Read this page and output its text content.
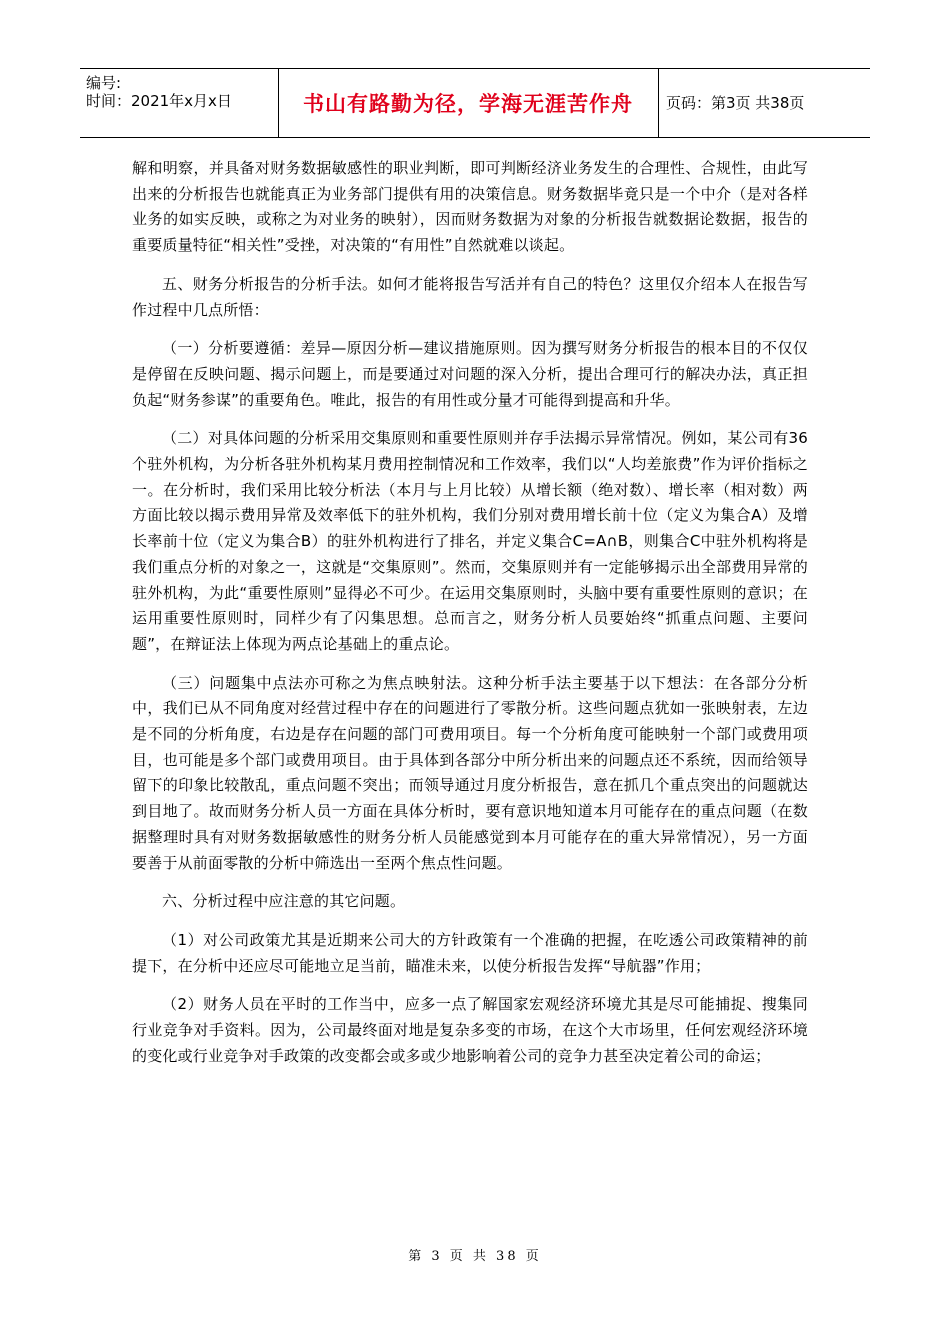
编号:
时间：2021年x月x日	书山有路勤为径，学海无涯苦作舟	页码：第3页 共38页

解和明察，并具备对财务数据敏感性的职业判断，即可判断经济业务发生的合理性、合规性，由此写出来的分析报告也就能真正为业务部门提供有用的决策信息。财务数据毕竟只是一个中介（是对各样业务的如实反映，或称之为对业务的映射），因而财务数据为对象的分析报告就数据论数据，报告的重要质量特征“相关性”受挫，对决策的“有用性”自然就难以谈起。

五、财务分析报告的分析手法。如何才能将报告写活并有自己的特色？这里仅介绍本人在报告写作过程中几点所悟：

（一）分析要遵循：差异—原因分析—建议措施原则。因为撰写财务分析报告的根本目的不仅仅是停留在反映问题、揭示问题上，而是要通过对问题的深入分析，提出合理可行的解决办法，真正担负起“财务参谋”的重要角色。唯此，报告的有用性或分量才可能得到提高和升华。

（二）对具体问题的分析采用交集原则和重要性原则并存手法揭示异常情况。例如，某公司有36个驻外机构，为分析各驻外机构某月费用控制情况和工作效率，我们以“人均差旅费”作为评价指标之一。在分析时，我们采用比较分析法（本月与上月比较）从增长额（绝对数）、增长率（相对数）两方面比较以揭示费用异常及效率低下的驻外机构，我们分别对费用增长前十位（定义为集合A）及增长率前十位（定义为集合B）的驻外机构进行了排名，并定义集合C=A∩B，则集合C中驻外机构将是我们重点分析的对象之一，这就是“交集原则”。然而，交集原则并有一定能够揭示出全部费用异常的驻外机构，为此“重要性原则”显得必不可少。在运用交集原则时，头脑中要有重要性原则的意识；在运用重要性原则时，同样少有了闪集思想。总而言之，财务分析人员要始终“抓重点问题、主要问题”，在辩证法上体现为两点论基础上的重点论。

（三）问题集中点法亦可称之为焦点映射法。这种分析手法主要基于以下想法：在各部分分析中，我们已从不同角度对经营过程中存在的问题进行了零散分析。这些问题点犹如一张映射表，左边是不同的分析角度，右边是存在问题的部门可费用项目。每一个分析角度可能映射一个部门或费用项目，也可能是多个部门或费用项目。由于具体到各部分中所分析出来的问题点还不系统，因而给领导留下的印象比较散乱，重点问题不突出；而领导通过月度分析报告，意在抓几个重点突出的问题就达到目地了。故而财务分析人员一方面在具体分析时，要有意识地知道本月可能存在的重点问题（在数据整理时具有对财务数据敏感性的财务分析人员能感觉到本月可能存在的重大异常情况），另一方面要善于从前面零散的分析中筛选出一至两个焦点性问题。

六、分析过程中应注意的其它问题。

（1）对公司政策尤其是近期来公司大的方针政策有一个准确的把握，在吃透公司政策精神的前提下，在分析中还应尽可能地立足当前，瞄准未来，以使分析报告发挥“导航器”作用；

（2）财务人员在平时的工作当中，应多一点了解国家宏观经济环境尤其是尽可能捕捉、搜集同行业竞争对手资料。因为，公司最终面对地是复杂多变的市场，在这个大市场里，任何宏观经济环境的变化或行业竞争对手政策的改变都会或多或少地影响着公司的竞争力甚至决定着公司的命运；

第 3 页 共 38 页
